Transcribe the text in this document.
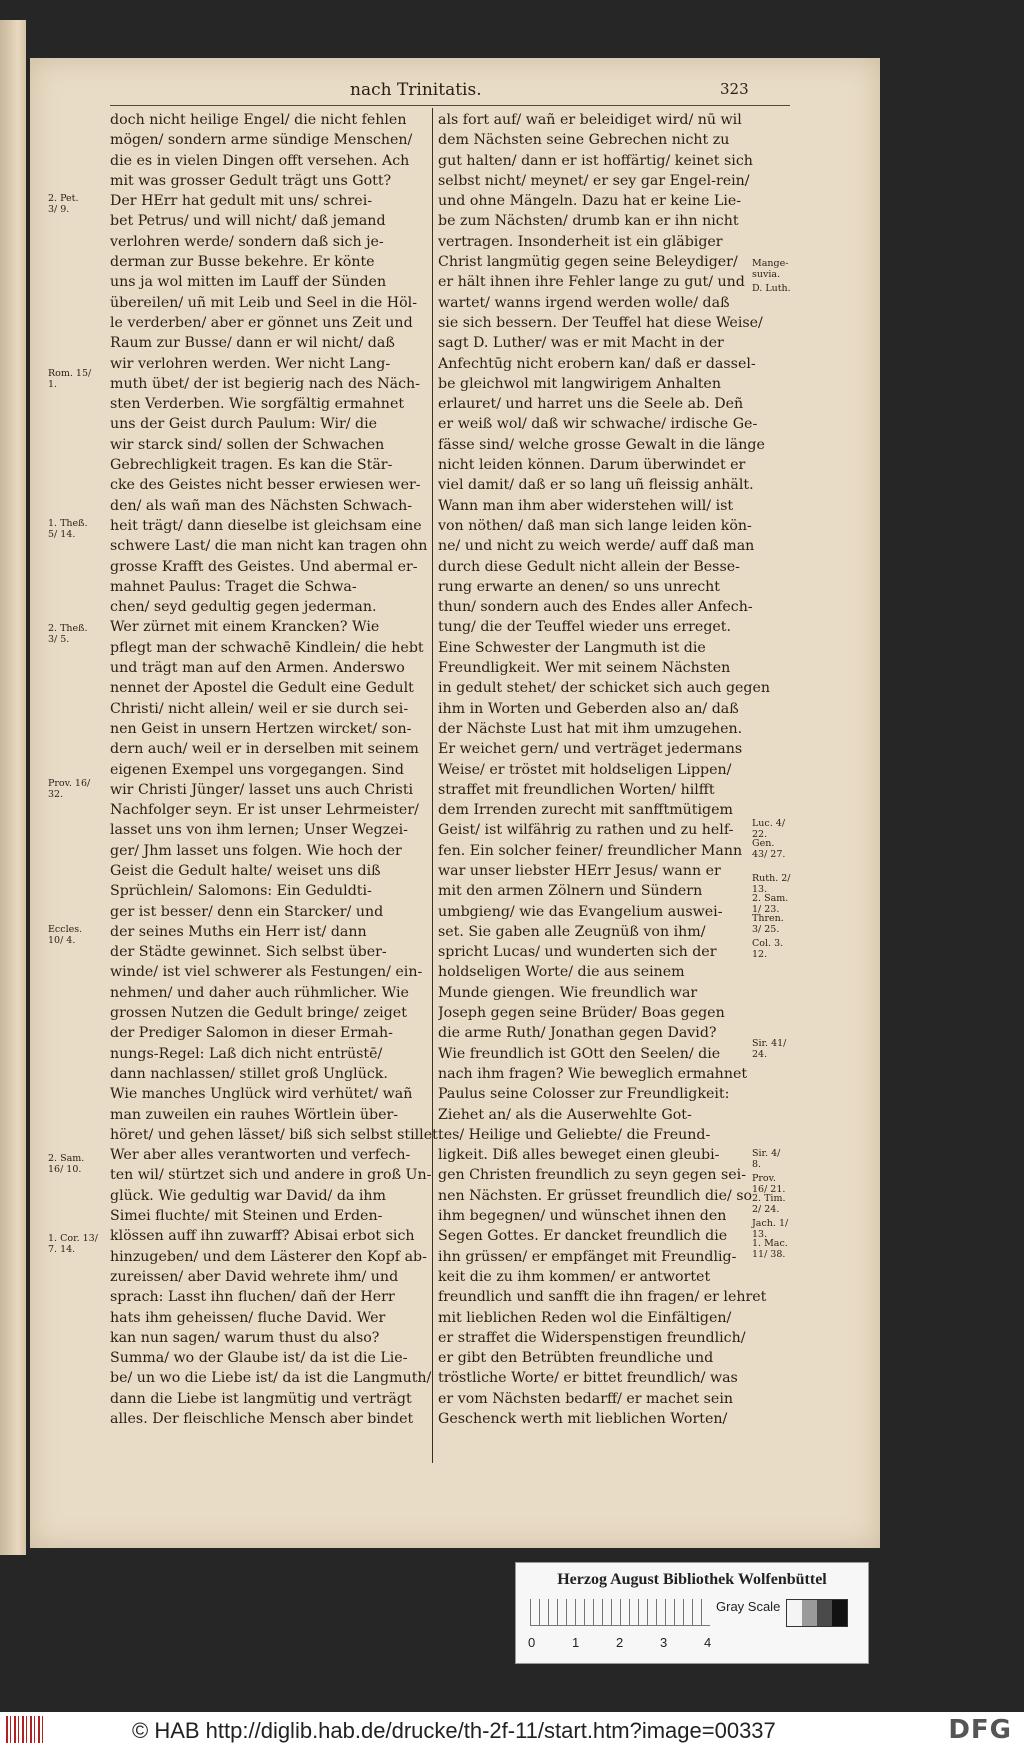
nach Trinitatis.	323
doch nicht heilige Engel/ die nicht fehlen
mögen/ sondern arme sündige Menschen/
die es in vielen Dingen offt versehen. Ach
mit was grosser Gedult trägt uns Gott?
Der HErr hat gedult mit uns/ schrei-
bet Petrus/ und will nicht/ daß jemand
verlohren werde/ sondern daß sich je-
derman zur Busse bekehre. Er könte
uns ja wol mitten im Lauff der Sünden
übereilen/ uñ mit Leib und Seel in die Höl-
le verderben/ aber er gönnet uns Zeit und
Raum zur Busse/ dann er wil nicht/ daß
wir verlohren werden. Wer nicht Lang-
muth übet/ der ist begierig nach des Näch-
sten Verderben. Wie sorgfältig ermahnet
uns der Geist durch Paulum: Wir/ die
wir starck sind/ sollen der Schwachen
Gebrechligkeit tragen. Es kan die Stär-
cke des Geistes nicht besser erwiesen wer-
den/ als wañ man des Nächsten Schwach-
heit trägt/ dann dieselbe ist gleichsam eine
schwere Last/ die man nicht kan tragen ohn
grosse Krafft des Geistes. Und abermal er-
mahnet Paulus: Traget die Schwa-
chen/ seyd gedultig gegen jederman.
Wer zürnet mit einem Krancken? Wie
pflegt man der schwachē Kindlein/ die hebt
und trägt man auf den Armen. Anderswo
nennet der Apostel die Gedult eine Gedult
Christi/ nicht allein/ weil er sie durch sei-
nen Geist in unsern Hertzen wircket/ son-
dern auch/ weil er in derselben mit seinem
eigenen Exempel uns vorgegangen. Sind
wir Christi Jünger/ lasset uns auch Christi
Nachfolger seyn. Er ist unser Lehrmeister/
lasset uns von ihm lernen; Unser Wegzei-
ger/ Jhm lasset uns folgen. Wie hoch der
Geist die Gedult halte/ weiset uns diß
Sprüchlein/ Salomons: Ein Geduldti-
ger ist besser/ denn ein Starcker/ und
der seines Muths ein Herr ist/ dann
der Städte gewinnet. Sich selbst über-
winde/ ist viel schwerer als Festungen/ ein-
nehmen/ und daher auch rühmlicher. Wie
grossen Nutzen die Gedult bringe/ zeiget
der Prediger Salomon in dieser Ermah-
nungs-Regel: Laß dich nicht entrüstē/
dann nachlassen/ stillet groß Unglück.
Wie manches Unglück wird verhütet/ wañ
man zuweilen ein rauhes Wörtlein über-
höret/ und gehen lässet/ biß sich selbst stillet.
Wer aber alles verantworten und verfech-
ten wil/ stürtzet sich und andere in groß Un-
glück. Wie gedultig war David/ da ihm
Simei fluchte/ mit Steinen und Erden-
klössen auff ihn zuwarff? Abisai erbot sich
hinzugeben/ und dem Lästerer den Kopf ab-
zureissen/ aber David wehrete ihm/ und
sprach: Lasst ihn fluchen/ dañ der Herr
hats ihm geheissen/ fluche David. Wer
kan nun sagen/ warum thust du also?
Summa/ wo der Glaube ist/ da ist die Lie-
be/ un wo die Liebe ist/ da ist die Langmuth/
dann die Liebe ist langmütig und verträgt
alles. Der fleischliche Mensch aber bindet
als fort auf/ wañ er beleidiget wird/ nū wil
dem Nächsten seine Gebrechen nicht zu
gut halten/ dann er ist hoffärtig/ keinet sich
selbst nicht/ meynet/ er sey gar Engel-rein/
und ohne Mängeln. Dazu hat er keine Lie-
be zum Nächsten/ drumb kan er ihn nicht
vertragen. Insonderheit ist ein gläbiger
Christ langmütig gegen seine Beleydiger/
er hält ihnen ihre Fehler lange zu gut/ und
wartet/ wanns irgend werden wolle/ daß
sie sich bessern. Der Teuffel hat diese Weise/
sagt D. Luther/ was er mit Macht in der
Anfechtūg nicht erobern kan/ daß er dassel-
be gleichwol mit langwirigem Anhalten
erlauret/ und harret uns die Seele ab. Deñ
er weiß wol/ daß wir schwache/ irdische Ge-
fässe sind/ welche grosse Gewalt in die länge
nicht leiden können. Darum überwindet er
viel damit/ daß er so lang uñ fleissig anhält.
Wann man ihm aber widerstehen will/ ist
von nöthen/ daß man sich lange leiden kön-
ne/ und nicht zu weich werde/ auff daß man
durch diese Gedult nicht allein der Besse-
rung erwarte an denen/ so uns unrecht
thun/ sondern auch des Endes aller Anfech-
tung/ die der Teuffel wieder uns erreget.
Eine Schwester der Langmuth ist die
Freundligkeit. Wer mit seinem Nächsten
in gedult stehet/ der schicket sich auch gegen
ihm in Worten und Geberden also an/ daß
der Nächste Lust hat mit ihm umzugehen.
Er weichet gern/ und verträget jedermans
Weise/ er tröstet mit holdseligen Lippen/
straffet mit freundlichen Worten/ hilfft
dem Irrenden zurecht mit sanfftmütigem
Geist/ ist wilfährig zu rathen und zu helf-
fen. Ein solcher feiner/ freundlicher Mann
war unser liebster HErr Jesus/ wann er
mit den armen Zölnern und Sündern
umbgieng/ wie das Evangelium auswei-
set. Sie gaben alle Zeugnüß von ihm/
spricht Lucas/ und wunderten sich der
holdseligen Worte/ die aus seinem
Munde giengen. Wie freundlich war
Joseph gegen seine Brüder/ Boas gegen
die arme Ruth/ Jonathan gegen David?
Wie freundlich ist GOtt den Seelen/ die
nach ihm fragen? Wie beweglich ermahnet
Paulus seine Colosser zur Freundligkeit:
Ziehet an/ als die Auserwehlte Got-
tes/ Heilige und Geliebte/ die Freund-
ligkeit. Diß alles beweget einen gleubi-
gen Christen freundlich zu seyn gegen sei-
nen Nächsten. Er grüsset freundlich die/ so
ihm begegnen/ und wünschet ihnen den
Segen Gottes. Er dancket freundlich die
ihn grüssen/ er empfänget mit Freundlig-
keit die zu ihm kommen/ er antwortet
freundlich und sanfft die ihn fragen/ er lehret
mit lieblichen Reden wol die Einfältigen/
er straffet die Widerspenstigen freundlich/
er gibt den Betrübten freundliche und
tröstliche Worte/ er bittet freundlich/ was
er vom Nächsten bedarff/ er machet sein
Geschenck werth mit lieblichen Worten/
2. Pet.
3/ 9.
Rom. 15/
1.
1. Theß.
5/ 14.
2. Theß.
3/ 5.
Prov. 16/
32.
Eccles.
10/ 4.
2. Sam.
16/ 10.
1. Cor. 13/
7. 14.
Mange-
suvia.
D. Luth.
Luc. 4/
22.
Gen.
43/ 27.
Ruth. 2/
13.
2. Sam.
1/ 23.
Thren.
3/ 25.
Col. 3.
12.
Sir. 41/
24.
Sir. 4/
8.
Prov.
16/ 21.
2. Tim.
2/ 24.
Jach. 1/
13.
1. Mac.
11/ 38.
Herzog August Bibliothek Wolfenbüttel
0	1	2	3	4
Gray Scale
© HAB http://diglib.hab.de/drucke/th-2f-11/start.htm?image=00337	DFG
